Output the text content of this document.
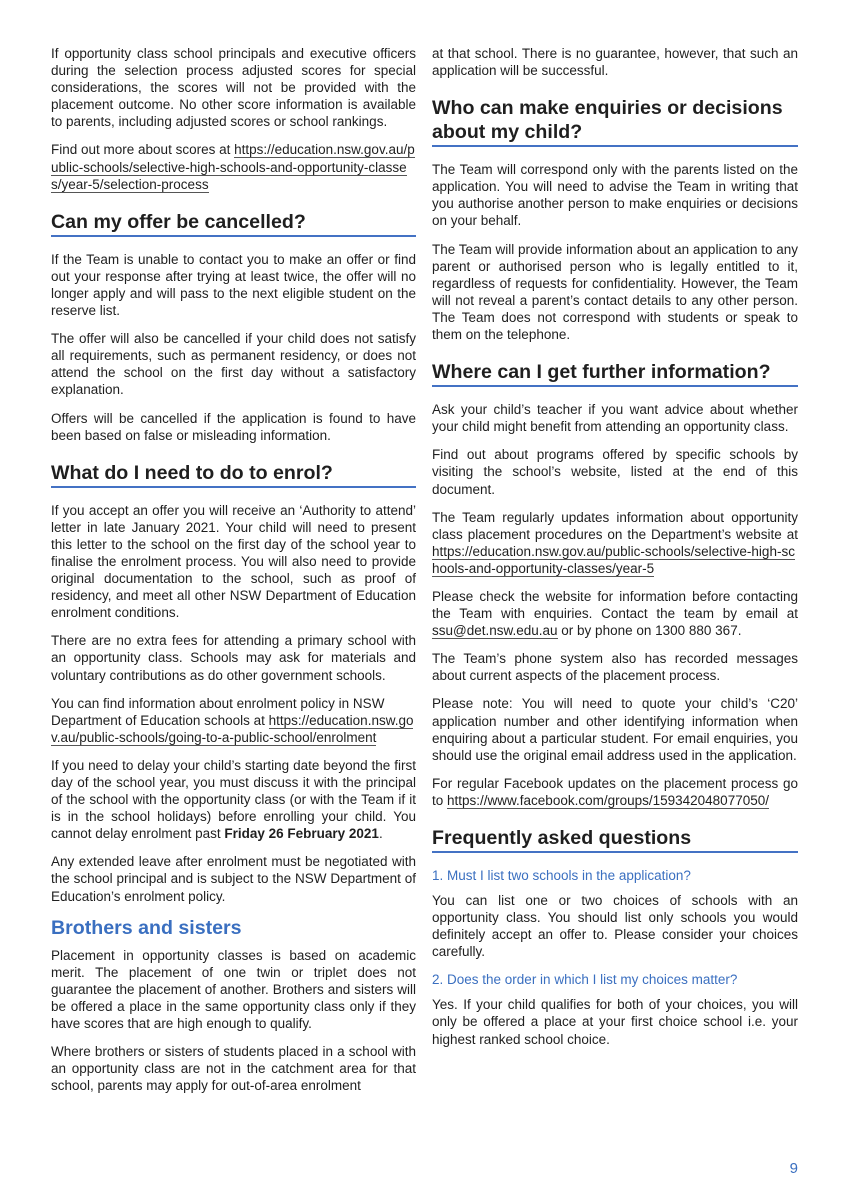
If opportunity class school principals and executive officers during the selection process adjusted scores for special considerations, the scores will not be provided with the placement outcome. No other score information is available to parents, including adjusted scores or school rankings.

Find out more about scores at https://education.nsw.gov.au/public-schools/selective-high-schools-and-opportunity-classes/year-5/selection-process

Can my offer be cancelled?

If the Team is unable to contact you to make an offer or find out your response after trying at least twice, the offer will no longer apply and will pass to the next eligible student on the reserve list.

The offer will also be cancelled if your child does not satisfy all requirements, such as permanent residency, or does not attend the school on the first day without a satisfactory explanation.

Offers will be cancelled if the application is found to have been based on false or misleading information.

What do I need to do to enrol?

If you accept an offer you will receive an ‘Authority to attend’ letter in late January 2021. Your child will need to present this letter to the school on the first day of the school year to finalise the enrolment process. You will also need to provide original documentation to the school, such as proof of residency, and meet all other NSW Department of Education enrolment conditions.

There are no extra fees for attending a primary school with an opportunity class. Schools may ask for materials and voluntary contributions as do other government schools.

You can find information about enrolment policy in NSW Department of Education schools at https://education.nsw.gov.au/public-schools/going-to-a-public-school/enrolment

If you need to delay your child’s starting date beyond the first day of the school year, you must discuss it with the principal of the school with the opportunity class (or with the Team if it is in the school holidays) before enrolling your child. You cannot delay enrolment past Friday 26 February 2021.

Any extended leave after enrolment must be negotiated with the school principal and is subject to the NSW Department of Education’s enrolment policy.

Brothers and sisters

Placement in opportunity classes is based on academic merit. The placement of one twin or triplet does not guarantee the placement of another. Brothers and sisters will be offered a place in the same opportunity class only if they have scores that are high enough to qualify.

Where brothers or sisters of students placed in a school with an opportunity class are not in the catchment area for that school, parents may apply for out-of-area enrolment

at that school. There is no guarantee, however, that such an application will be successful.

Who can make enquiries or decisions about my child?

The Team will correspond only with the parents listed on the application. You will need to advise the Team in writing that you authorise another person to make enquiries or decisions on your behalf.

The Team will provide information about an application to any parent or authorised person who is legally entitled to it, regardless of requests for confidentiality. However, the Team will not reveal a parent’s contact details to any other person. The Team does not correspond with students or speak to them on the telephone.

Where can I get further information?

Ask your child’s teacher if you want advice about whether your child might benefit from attending an opportunity class.

Find out about programs offered by specific schools by visiting the school’s website, listed at the end of this document.

The Team regularly updates information about opportunity class placement procedures on the Department’s website at https://education.nsw.gov.au/public-schools/selective-high-schools-and-opportunity-classes/year-5

Please check the website for information before contacting the Team with enquiries. Contact the team by email at ssu@det.nsw.edu.au or by phone on 1300 880 367.

The Team’s phone system also has recorded messages about current aspects of the placement process.

Please note: You will need to quote your child’s ‘C20’ application number and other identifying information when enquiring about a particular student. For email enquiries, you should use the original email address used in the application.

For regular Facebook updates on the placement process go to https://www.facebook.com/groups/159342048077050/

Frequently asked questions

1. Must I list two schools in the application?

You can list one or two choices of schools with an opportunity class. You should list only schools you would definitely accept an offer to. Please consider your choices carefully.

2. Does the order in which I list my choices matter?

Yes. If your child qualifies for both of your choices, you will only be offered a place at your first choice school i.e. your highest ranked school choice.

9
